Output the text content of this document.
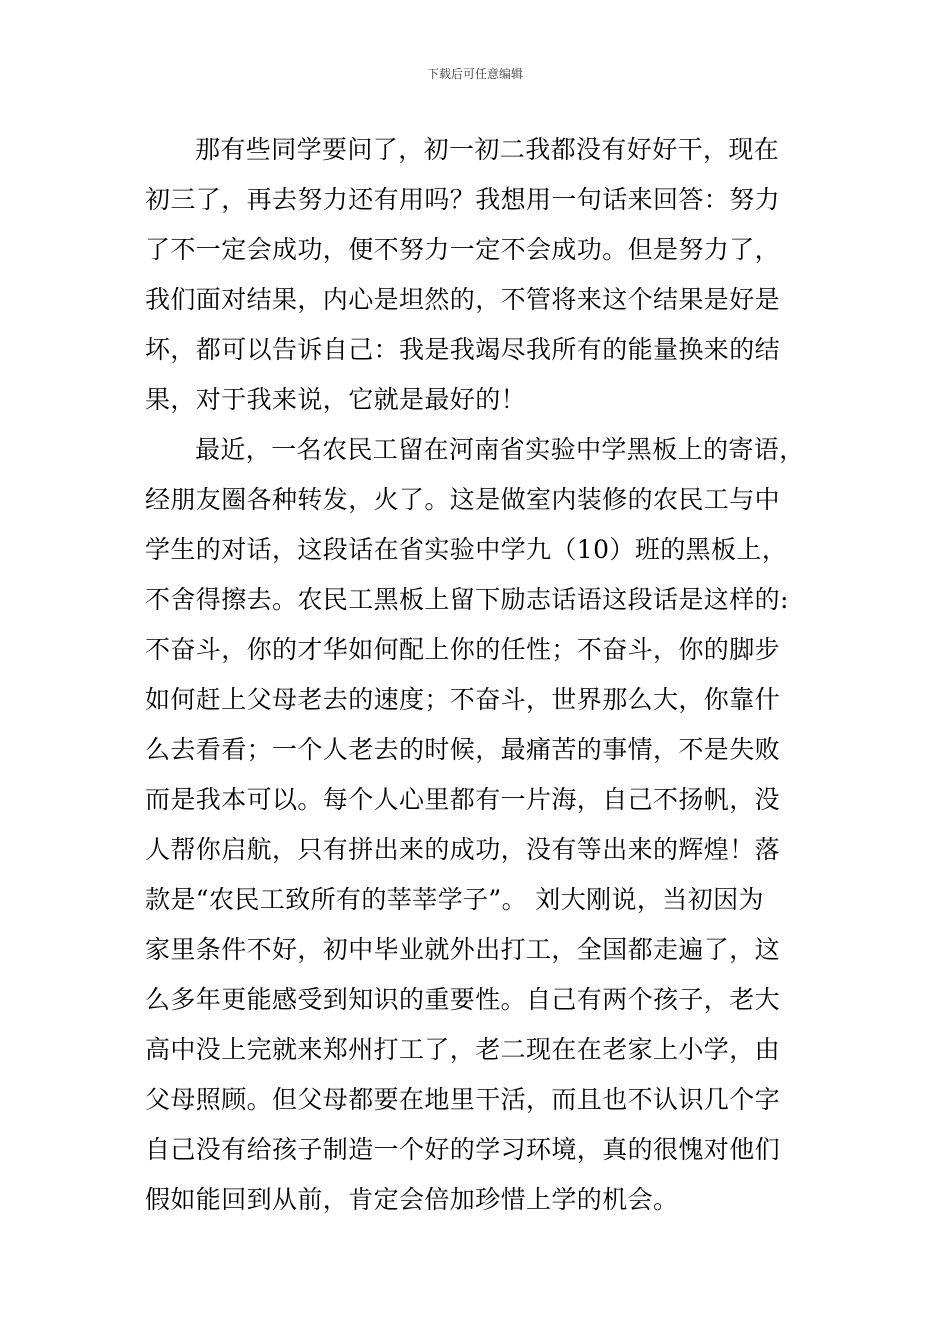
下载后可任意编辑
那有些同学要问了，初一初二我都没有好好干，现在
初三了，再去努力还有用吗？我想用一句话来回答：努力
了不一定会成功，便不努力一定不会成功。但是努力了，
我们面对结果，内心是坦然的，不管将来这个结果是好是
坏，都可以告诉自己：我是我竭尽我所有的能量换来的结
果，对于我来说，它就是最好的！
最近，一名农民工留在河南省实验中学黑板上的寄语，
经朋友圈各种转发，火了。这是做室内装修的农民工与中
学生的对话，这段话在省实验中学九（10）班的黑板上，
不舍得擦去。农民工黑板上留下励志话语这段话是这样的:
不奋斗，你的才华如何配上你的任性；不奋斗，你的脚步
如何赶上父母老去的速度；不奋斗，世界那么大，你靠什
么去看看；一个人老去的时候，最痛苦的事情，不是失败
而是我本可以。每个人心里都有一片海，自己不扬帆，没
人帮你启航，只有拼出来的成功，没有等出来的辉煌！落
款是“农民工致所有的莘莘学子”。 刘大刚说，当初因为
家里条件不好，初中毕业就外出打工，全国都走遍了，这
么多年更能感受到知识的重要性。自己有两个孩子，老大
高中没上完就来郑州打工了，老二现在在老家上小学，由
父母照顾。但父母都要在地里干活，而且也不认识几个字
自己没有给孩子制造一个好的学习环境，真的很愧对他们
假如能回到从前，肯定会倍加珍惜上学的机会。
